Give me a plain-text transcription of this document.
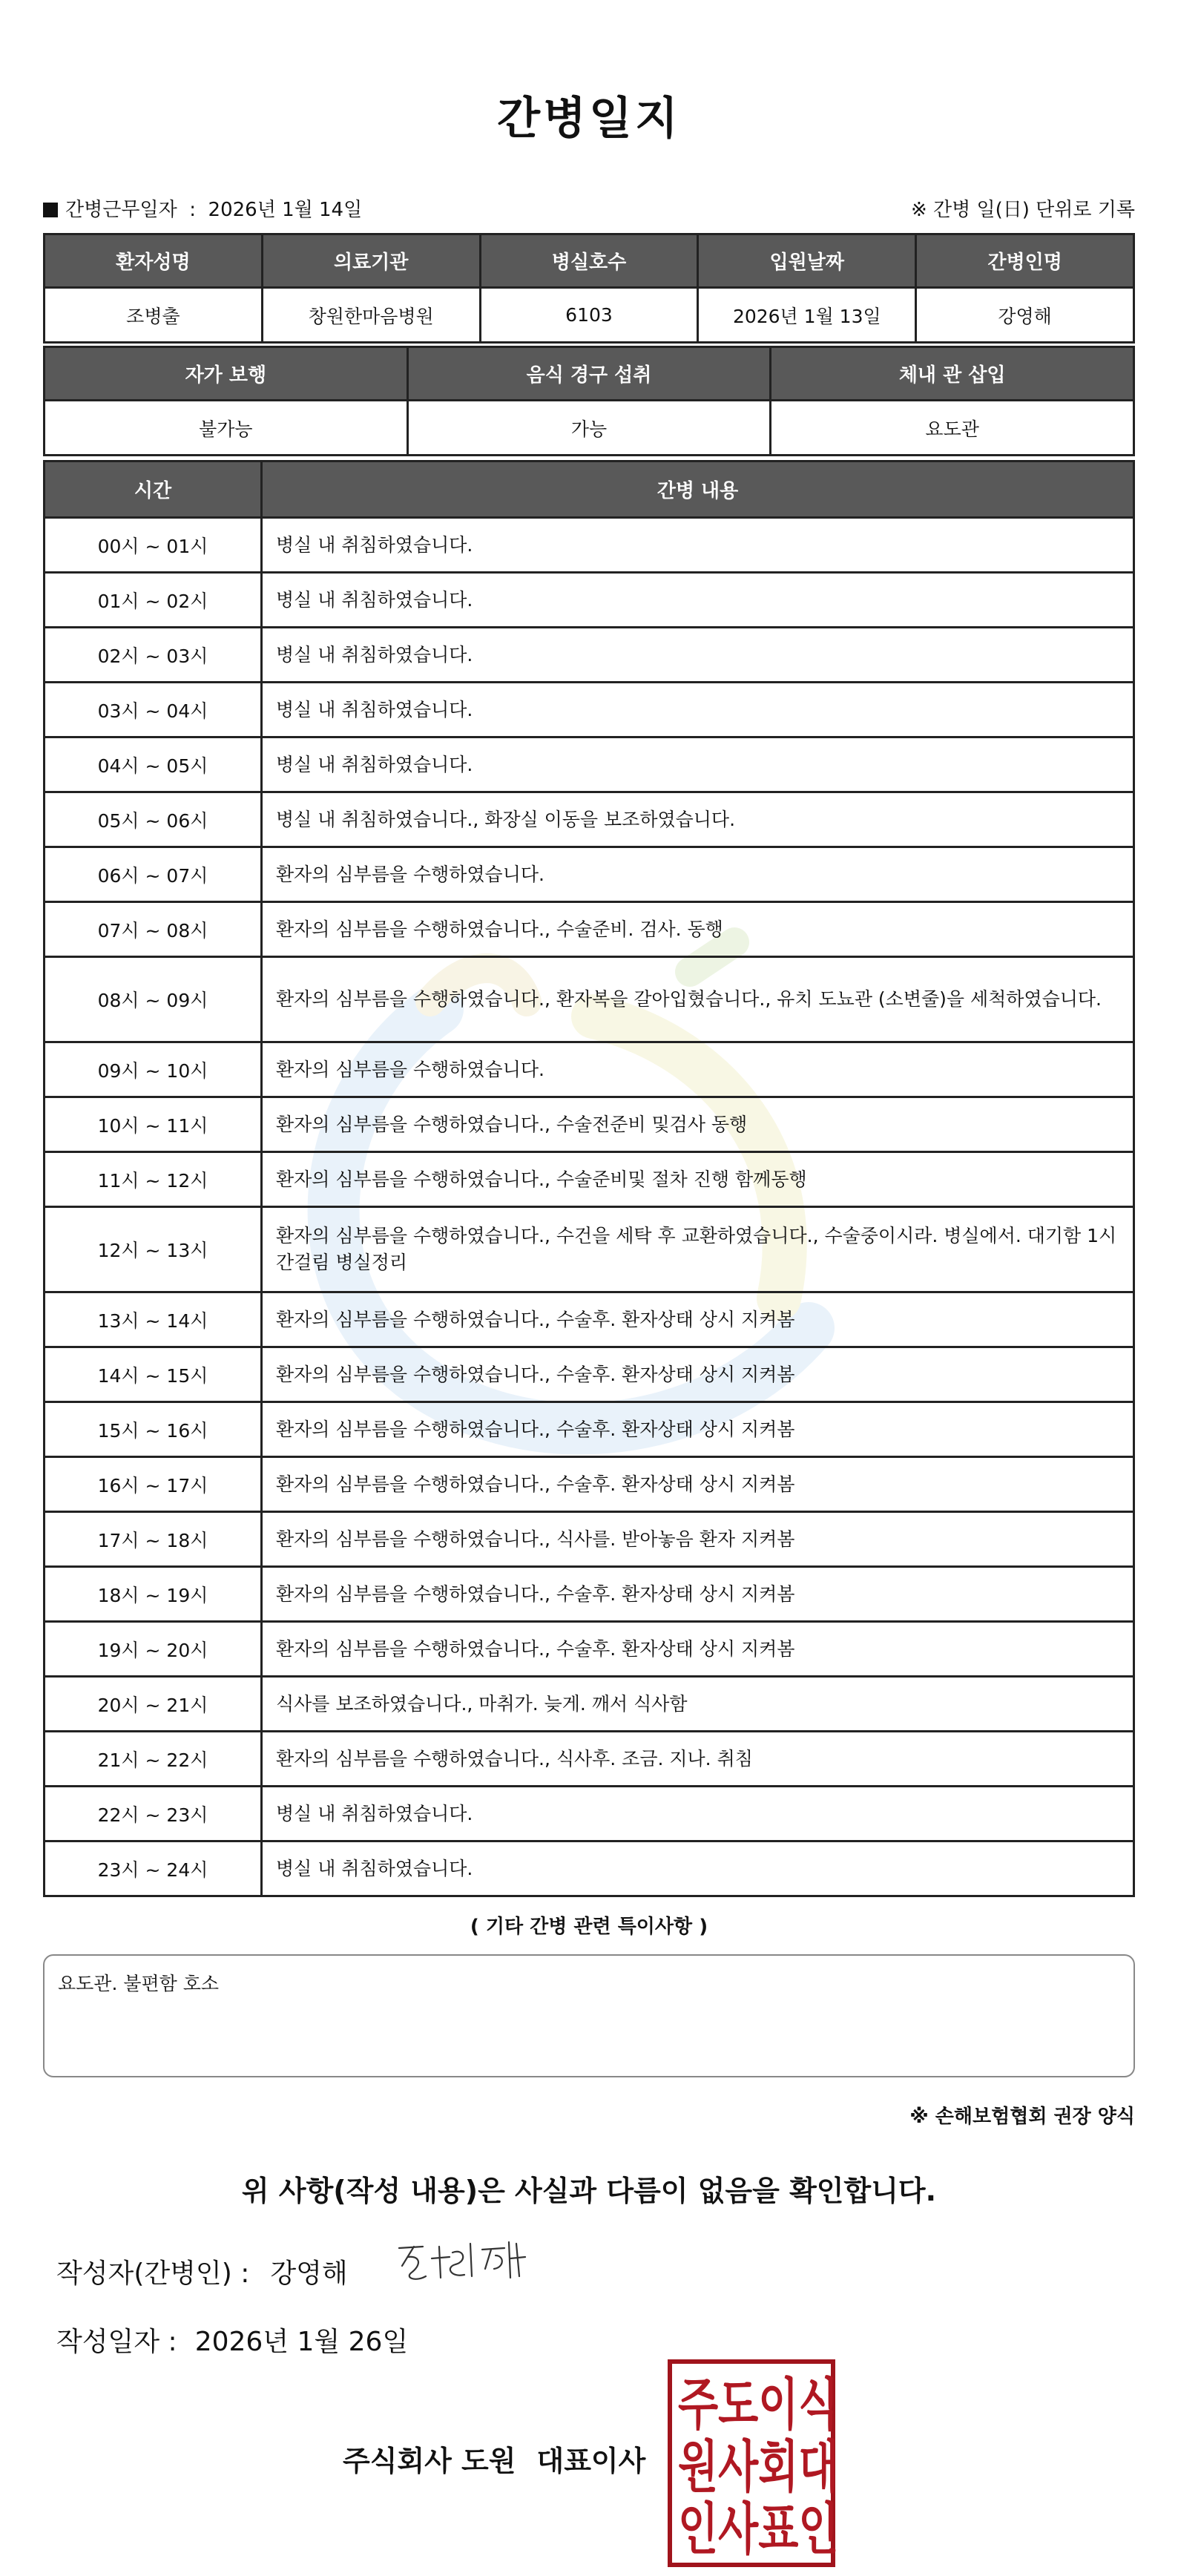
간병일지
간병근무일자 : 2026년 1월 14일	※ 간병 일(日) 단위로 기록
환자성명	의료기관	병실호수	입원날짜	간병인명
조병출	창원한마음병원	6103	2026년 1월 13일	강영해
자가 보행	음식 경구 섭취	체내 관 삽입
불가능	가능	요도관
시간	간병 내용
00시 ~ 01시	병실 내 취침하였습니다.
01시 ~ 02시	병실 내 취침하였습니다.
02시 ~ 03시	병실 내 취침하였습니다.
03시 ~ 04시	병실 내 취침하였습니다.
04시 ~ 05시	병실 내 취침하였습니다.
05시 ~ 06시	병실 내 취침하였습니다., 화장실 이동을 보조하였습니다.
06시 ~ 07시	환자의 심부름을 수행하였습니다.
07시 ~ 08시	환자의 심부름을 수행하였습니다., 수술준비. 검사. 동행
08시 ~ 09시	환자의 심부름을 수행하였습니다., 환자복을 갈아입혔습니다., 유치 도뇨관 (소변줄)을 세척하였습니다.
09시 ~ 10시	환자의 심부름을 수행하였습니다.
10시 ~ 11시	환자의 심부름을 수행하였습니다., 수술전준비 및검사 동행
11시 ~ 12시	환자의 심부름을 수행하였습니다., 수술준비및 절차 진행 함께동행
12시 ~ 13시	환자의 심부름을 수행하였습니다., 수건을 세탁 후 교환하였습니다., 수술중이시라. 병실에서. 대기함 1시간걸림 병실정리
13시 ~ 14시	환자의 심부름을 수행하였습니다., 수술후. 환자상태 상시 지켜봄
14시 ~ 15시	환자의 심부름을 수행하였습니다., 수술후. 환자상태 상시 지켜봄
15시 ~ 16시	환자의 심부름을 수행하였습니다., 수술후. 환자상태 상시 지켜봄
16시 ~ 17시	환자의 심부름을 수행하였습니다., 수술후. 환자상태 상시 지켜봄
17시 ~ 18시	환자의 심부름을 수행하였습니다., 식사를. 받아놓음 환자 지켜봄
18시 ~ 19시	환자의 심부름을 수행하였습니다., 수술후. 환자상태 상시 지켜봄
19시 ~ 20시	환자의 심부름을 수행하였습니다., 수술후. 환자상태 상시 지켜봄
20시 ~ 21시	식사를 보조하였습니다., 마취가. 늦게. 깨서 식사함
21시 ~ 22시	환자의 심부름을 수행하였습니다., 식사후. 조금. 지나. 취침
22시 ~ 23시	병실 내 취침하였습니다.
23시 ~ 24시	병실 내 취침하였습니다.
( 기타 간병 관련 특이사항 )
요도관. 불편함 호소
※ 손해보험협회 권장 양식
위 사항(작성 내용)은 사실과 다름이 없음을 확인합니다.
작성자(간병인) : 강영해
작성일자 : 2026년 1월 26일
주식회사 도원 대표이사
주 도 이 식
원 사 회 대
인 사 표 인
